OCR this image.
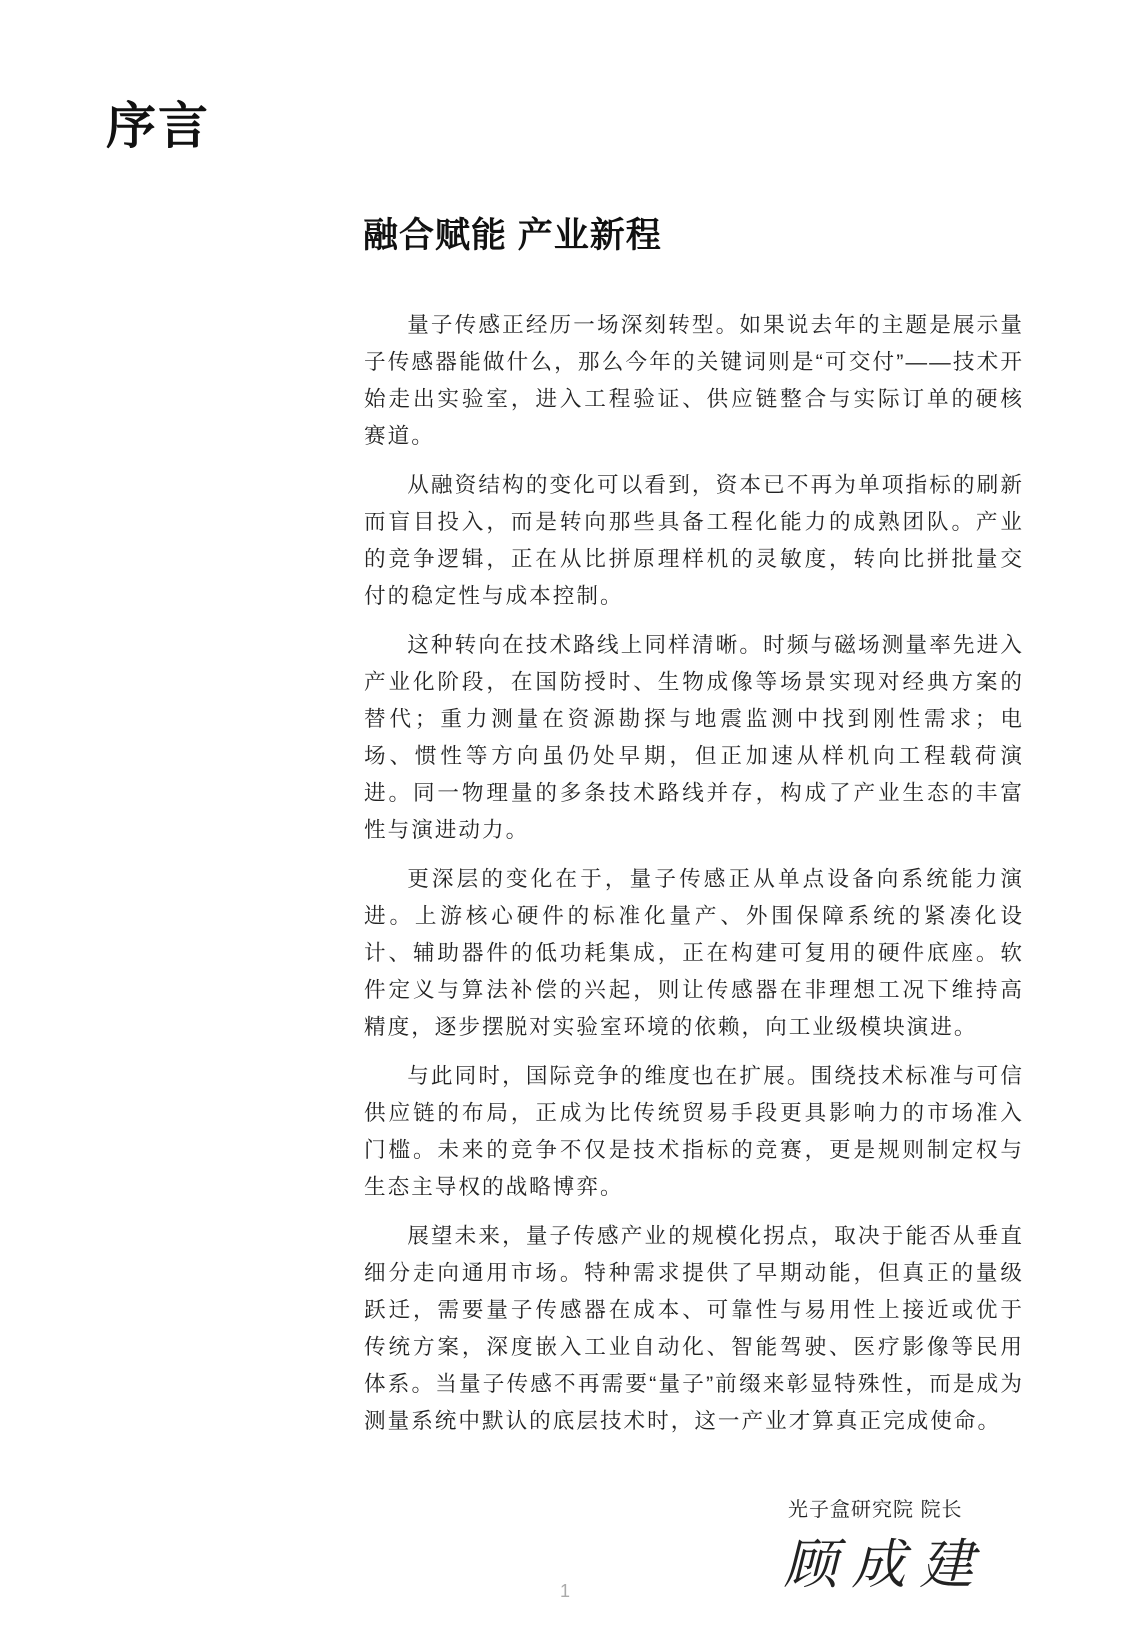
序言
融合赋能 产业新程

量子传感正经历一场深刻转型。如果说去年的主题是展示量子传感器能做什么，那么今年的关键词则是“可交付”——技术开始走出实验室，进入工程验证、供应链整合与实际订单的硬核赛道。

从融资结构的变化可以看到，资本已不再为单项指标的刷新而盲目投入，而是转向那些具备工程化能力的成熟团队。产业的竞争逻辑，正在从比拼原理样机的灵敏度，转向比拼批量交付的稳定性与成本控制。

这种转向在技术路线上同样清晰。时频与磁场测量率先进入产业化阶段，在国防授时、生物成像等场景实现对经典方案的替代；重力测量在资源勘探与地震监测中找到刚性需求；电场、惯性等方向虽仍处早期，但正加速从样机向工程载荷演进。同一物理量的多条技术路线并存，构成了产业生态的丰富性与演进动力。

更深层的变化在于，量子传感正从单点设备向系统能力演进。上游核心硬件的标准化量产、外围保障系统的紧凑化设计、辅助器件的低功耗集成，正在构建可复用的硬件底座。软件定义与算法补偿的兴起，则让传感器在非理想工况下维持高精度，逐步摆脱对实验室环境的依赖，向工业级模块演进。

与此同时，国际竞争的维度也在扩展。围绕技术标准与可信供应链的布局，正成为比传统贸易手段更具影响力的市场准入门槛。未来的竞争不仅是技术指标的竞赛，更是规则制定权与生态主导权的战略博弈。

展望未来，量子传感产业的规模化拐点，取决于能否从垂直细分走向通用市场。特种需求提供了早期动能，但真正的量级跃迁，需要量子传感器在成本、可靠性与易用性上接近或优于传统方案，深度嵌入工业自动化、智能驾驶、医疗影像等民用体系。当量子传感不再需要“量子”前缀来彰显特殊性，而是成为测量系统中默认的底层技术时，这一产业才算真正完成使命。

光子盒研究院 院长
顾成建
1
